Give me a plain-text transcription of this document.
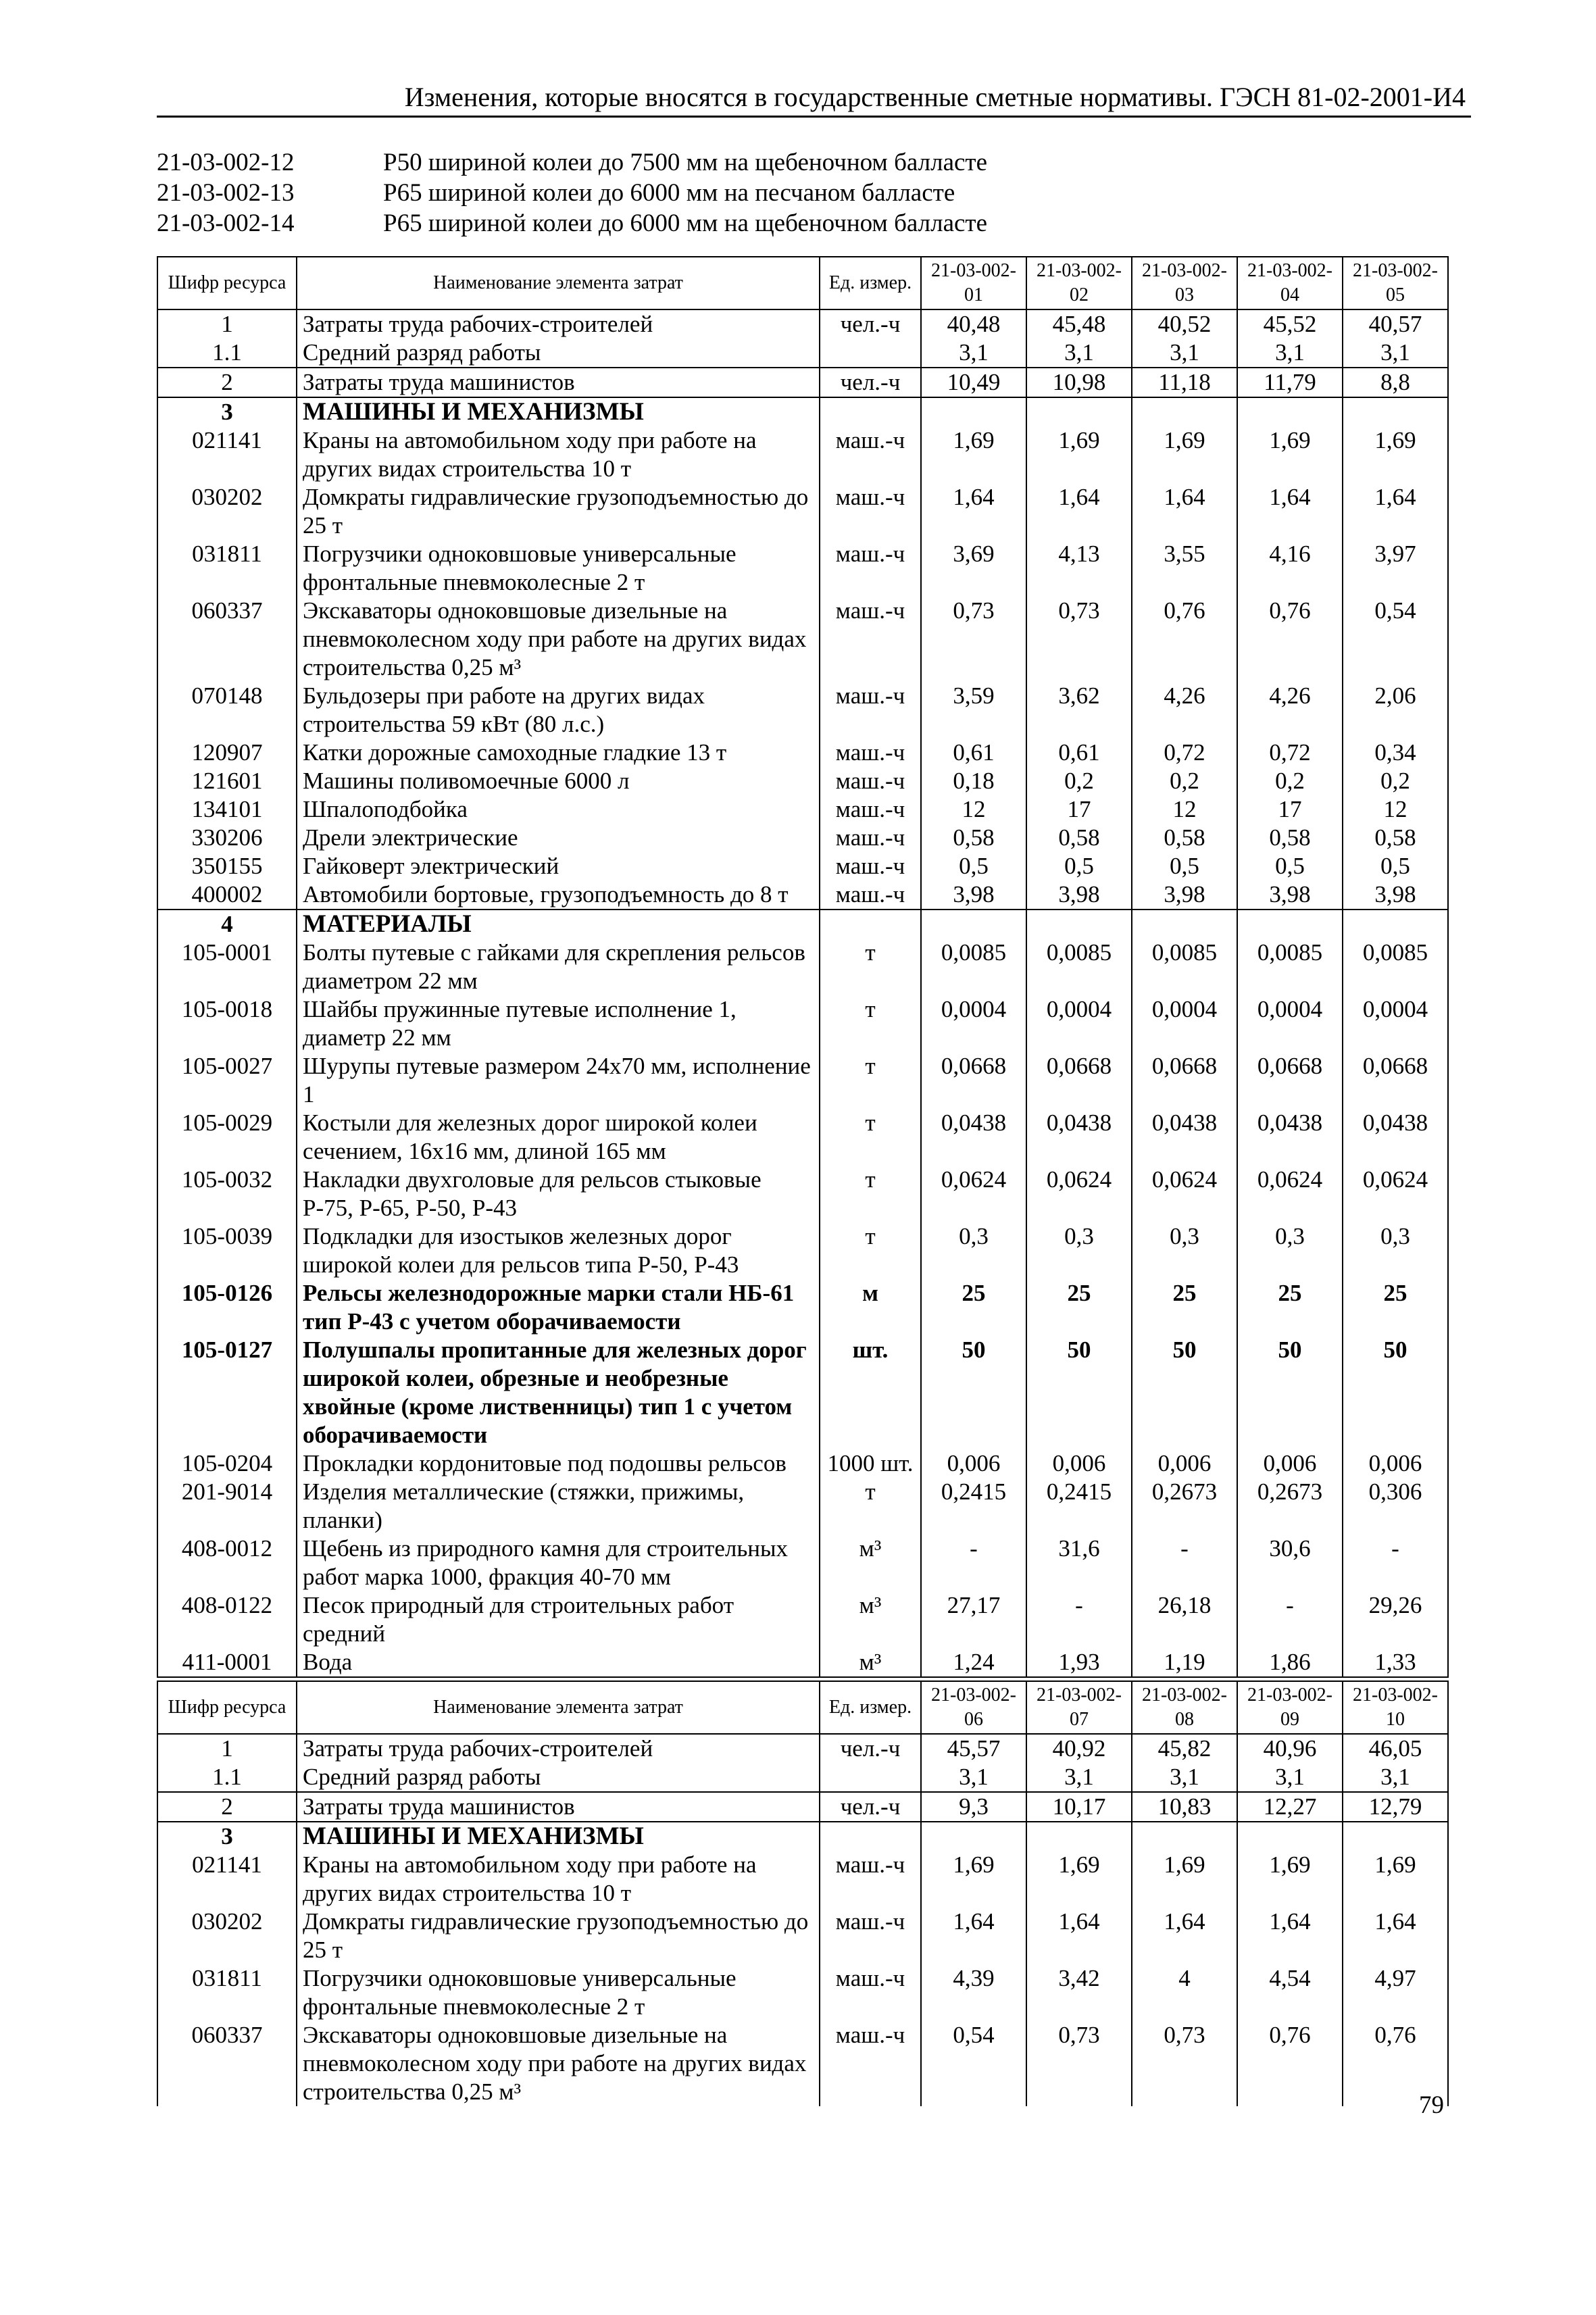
Изменения, которые вносятся в государственные сметные нормативы. ГЭСН 81-02-2001-И4
21-03-002-12	Р50 шириной колеи до 7500 мм на щебеночном балласте
21-03-002-13	Р65 шириной колеи до 6000 мм на песчаном балласте
21-03-002-14	Р65 шириной колеи до 6000 мм на щебеночном балласте
Шифр ресурса	Наименование элемента затрат	Ед. измер.	21-03-002-01	21-03-002-02	21-03-002-03	21-03-002-04	21-03-002-05
1	Затраты труда рабочих-строителей	чел.-ч	40,48	45,48	40,52	45,52	40,57
1.1	Средний разряд работы		3,1	3,1	3,1	3,1	3,1
2	Затраты труда машинистов	чел.-ч	10,49	10,98	11,18	11,79	8,8
3	МАШИНЫ И МЕХАНИЗМЫ						
021141	Краны на автомобильном ходу при работе на других видах строительства 10 т	маш.-ч	1,69	1,69	1,69	1,69	1,69
030202	Домкраты гидравлические грузоподъемностью до 25 т	маш.-ч	1,64	1,64	1,64	1,64	1,64
031811	Погрузчики одноковшовые универсальные фронтальные пневмоколесные 2 т	маш.-ч	3,69	4,13	3,55	4,16	3,97
060337	Экскаваторы одноковшовые дизельные на пневмоколесном ходу при работе на других видах строительства 0,25 м³	маш.-ч	0,73	0,73	0,76	0,76	0,54
070148	Бульдозеры при работе на других видах строительства 59 кВт (80 л.с.)	маш.-ч	3,59	3,62	4,26	4,26	2,06
120907	Катки дорожные самоходные гладкие 13 т	маш.-ч	0,61	0,61	0,72	0,72	0,34
121601	Машины поливомоечные 6000 л	маш.-ч	0,18	0,2	0,2	0,2	0,2
134101	Шпалоподбойка	маш.-ч	12	17	12	17	12
330206	Дрели электрические	маш.-ч	0,58	0,58	0,58	0,58	0,58
350155	Гайковерт электрический	маш.-ч	0,5	0,5	0,5	0,5	0,5
400002	Автомобили бортовые, грузоподъемность до 8 т	маш.-ч	3,98	3,98	3,98	3,98	3,98
4	МАТЕРИАЛЫ						
105-0001	Болты путевые с гайками для скрепления рельсов диаметром 22 мм	т	0,0085	0,0085	0,0085	0,0085	0,0085
105-0018	Шайбы пружинные путевые исполнение 1, диаметр 22 мм	т	0,0004	0,0004	0,0004	0,0004	0,0004
105-0027	Шурупы путевые размером 24х70 мм, исполнение 1	т	0,0668	0,0668	0,0668	0,0668	0,0668
105-0029	Костыли для железных дорог широкой колеи сечением, 16х16 мм, длиной 165 мм	т	0,0438	0,0438	0,0438	0,0438	0,0438
105-0032	Накладки двухголовые для рельсов стыковые Р-75, Р-65, Р-50, Р-43	т	0,0624	0,0624	0,0624	0,0624	0,0624
105-0039	Подкладки для изостыков железных дорог широкой колеи для рельсов типа Р-50, Р-43	т	0,3	0,3	0,3	0,3	0,3
105-0126	Рельсы железнодорожные марки стали НБ-61 тип Р-43 с учетом оборачиваемости	м	25	25	25	25	25
105-0127	Полушпалы пропитанные для железных дорог широкой колеи, обрезные и необрезные хвойные (кроме лиственницы) тип 1 с учетом оборачиваемости	шт.	50	50	50	50	50
105-0204	Прокладки кордонитовые под подошвы рельсов	1000 шт.	0,006	0,006	0,006	0,006	0,006
201-9014	Изделия металлические (стяжки, прижимы, планки)	т	0,2415	0,2415	0,2673	0,2673	0,306
408-0012	Щебень из природного камня для строительных работ марка 1000, фракция 40-70 мм	м³	-	31,6	-	30,6	-
408-0122	Песок природный для строительных работ средний	м³	27,17	-	26,18	-	29,26
411-0001	Вода	м³	1,24	1,93	1,19	1,86	1,33
Шифр ресурса	Наименование элемента затрат	Ед. измер.	21-03-002-06	21-03-002-07	21-03-002-08	21-03-002-09	21-03-002-10
1	Затраты труда рабочих-строителей	чел.-ч	45,57	40,92	45,82	40,96	46,05
1.1	Средний разряд работы		3,1	3,1	3,1	3,1	3,1
2	Затраты труда машинистов	чел.-ч	9,3	10,17	10,83	12,27	12,79
3	МАШИНЫ И МЕХАНИЗМЫ						
021141	Краны на автомобильном ходу при работе на других видах строительства 10 т	маш.-ч	1,69	1,69	1,69	1,69	1,69
030202	Домкраты гидравлические грузоподъемностью до 25 т	маш.-ч	1,64	1,64	1,64	1,64	1,64
031811	Погрузчики одноковшовые универсальные фронтальные пневмоколесные 2 т	маш.-ч	4,39	3,42	4	4,54	4,97
060337	Экскаваторы одноковшовые дизельные на пневмоколесном ходу при работе на других видах строительства 0,25 м³	маш.-ч	0,54	0,73	0,73	0,76	0,76
79
